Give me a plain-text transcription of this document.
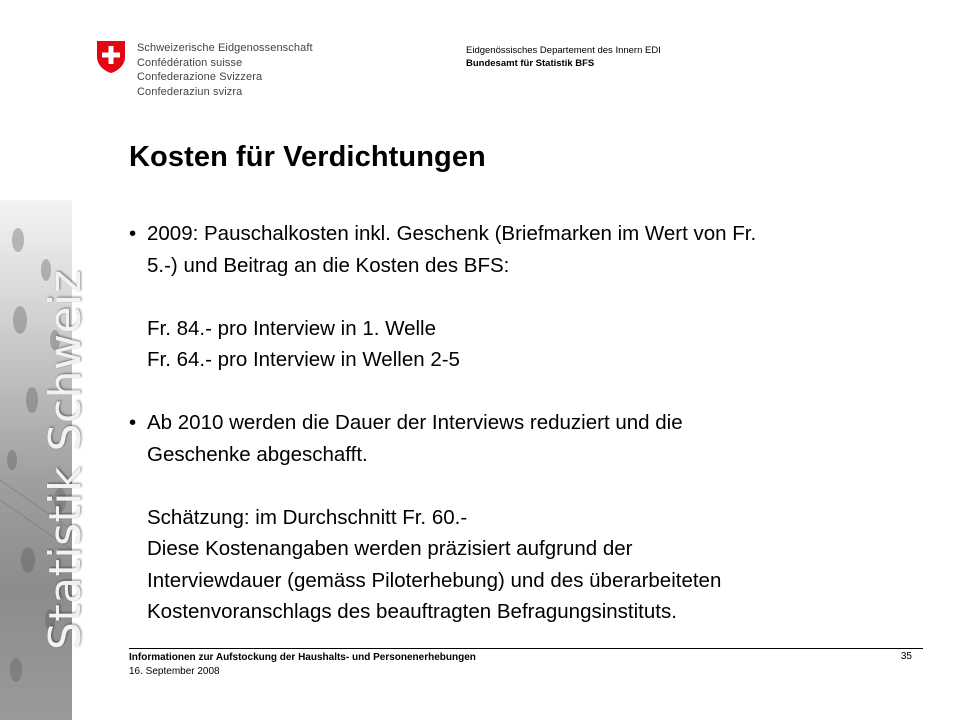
Schweizerische Eidgenossenschaft
Confédération suisse
Confederazione Svizzera
Confederaziun svizra
Eidgenössisches Departement des Innern EDI
Bundesamt für Statistik BFS
Statistik Schweiz
Kosten für Verdichtungen
• 2009: Pauschalkosten inkl. Geschenk (Briefmarken im Wert von Fr.
5.-) und Beitrag an die Kosten des BFS:
Fr. 84.- pro Interview in 1. Welle
Fr. 64.- pro Interview in Wellen 2-5
• Ab 2010 werden die Dauer der Interviews reduziert und die
Geschenke abgeschafft.
Schätzung: im Durchschnitt Fr. 60.-
Diese Kostenangaben werden präzisiert aufgrund der
Interviewdauer (gemäss Piloterhebung) und des überarbeiteten
Kostenvoranschlags des beauftragten Befragungsinstituts.
Informationen zur Aufstockung der Haushalts- und Personenerhebungen
16. September 2008
35
